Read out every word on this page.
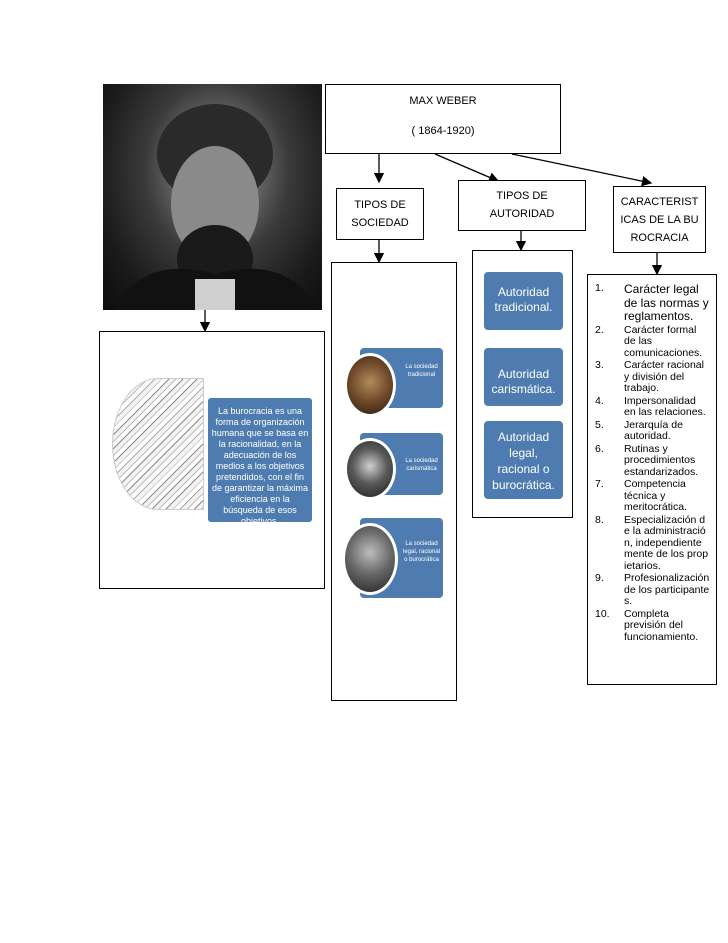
MAX WEBER
( 1864-1920)
TIPOS DE SOCIEDAD
TIPOS DE AUTORIDAD
CARACTERISTICAS DE LA BUROCRACIA
La sociedad tradicional
La sociedad carismática
La sociedad legal, racional o burocrática
Autoridad tradicional.
Autoridad carismática.
Autoridad legal, racional o burocrática.
1.	Carácter legal de las normas y reglamentos.
2.	Carácter formal de las comunicaciones.
3.	Carácter racional y división del trabajo.
4.	Impersonalidad en las relaciones.
5.	Jerarquía de autoridad.
6.	Rutinas y procedimientos estandarizados.
7.	Competencia técnica y meritocrática.
8.	Especialización de la administración, independientemente de los propietarios.
9.	Profesionalización de los participantes.
10.	Completa previsión del funcionamiento.
La burocracia es una forma de organización humana que se basa en la racionalidad, en la adecuación de los medios a los objetivos pretendidos, con el fin de garantizar la máxima eficiencia en la búsqueda de esos objetivos.
